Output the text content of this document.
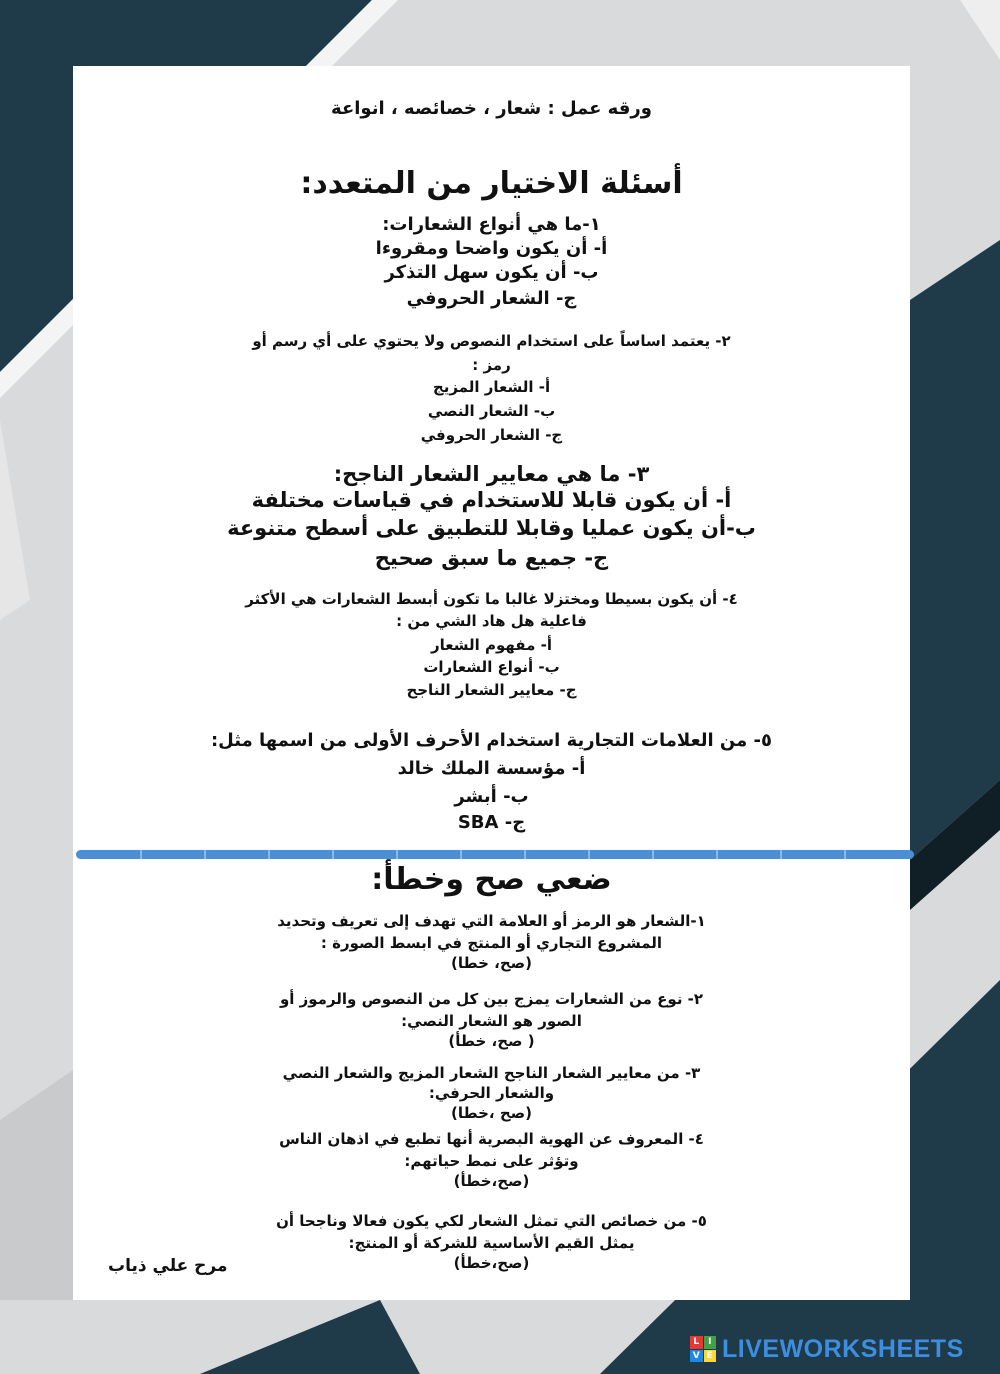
ورقه عمل : شعار ، خصائصه ، انواعة
أسئلة الاختيار من المتعدد:
١-ما هي أنواع الشعارات:
أ- أن يكون واضحا ومقروءا
ب- أن يكون سهل التذكر
ج- الشعار الحروفي
٢- يعتمد اساساً على استخدام النصوص ولا يحتوي على أي رسم أو
رمز :
أ- الشعار المزيج
ب- الشعار النصي
ج- الشعار الحروفي
٣- ما هي معايير الشعار الناجح:
أ- أن يكون قابلا للاستخدام في قياسات مختلفة
ب-أن يكون عمليا وقابلا للتطبيق على أسطح متنوعة
ج- جميع ما سبق صحيح
٤- أن يكون بسيطا ومختزلا غالبا ما تكون أبسط الشعارات هي الأكثر
فاعلية هل هاد الشي من :
أ- مفهوم الشعار
ب- أنواع الشعارات
ج- معايير الشعار الناجح
٥- من العلامات التجارية استخدام الأحرف الأولى من اسمها مثل:
أ- مؤسسة الملك خالد
ب- أبشر
ج- SBA
ضعي صح وخطأ:
١-الشعار هو الرمز أو العلامة التي تهدف إلى تعريف وتحديد
المشروع التجاري أو المنتج في ابسط الصورة :
(صح، خطا)
٢- نوع من الشعارات يمزج بين كل من النصوص والرموز أو
الصور هو الشعار النصي:
( صح، خطأ)
٣- من معايير الشعار الناجح الشعار المزيج والشعار النصي
والشعار الحرفي:
(صح ،خطا)
٤- المعروف عن الهوية البصرية أنها تطبع في اذهان الناس
وتؤثر على نمط حياتهم:
(صح،خطأ)
٥- من خصائص التي تمثل الشعار لكي يكون فعالا وناجحا أن
يمثل القيم الأساسية للشركة أو المنتج:
(صح،خطأ)
مرح علي ذياب
L I
V E LIVEWORKSHEETS
